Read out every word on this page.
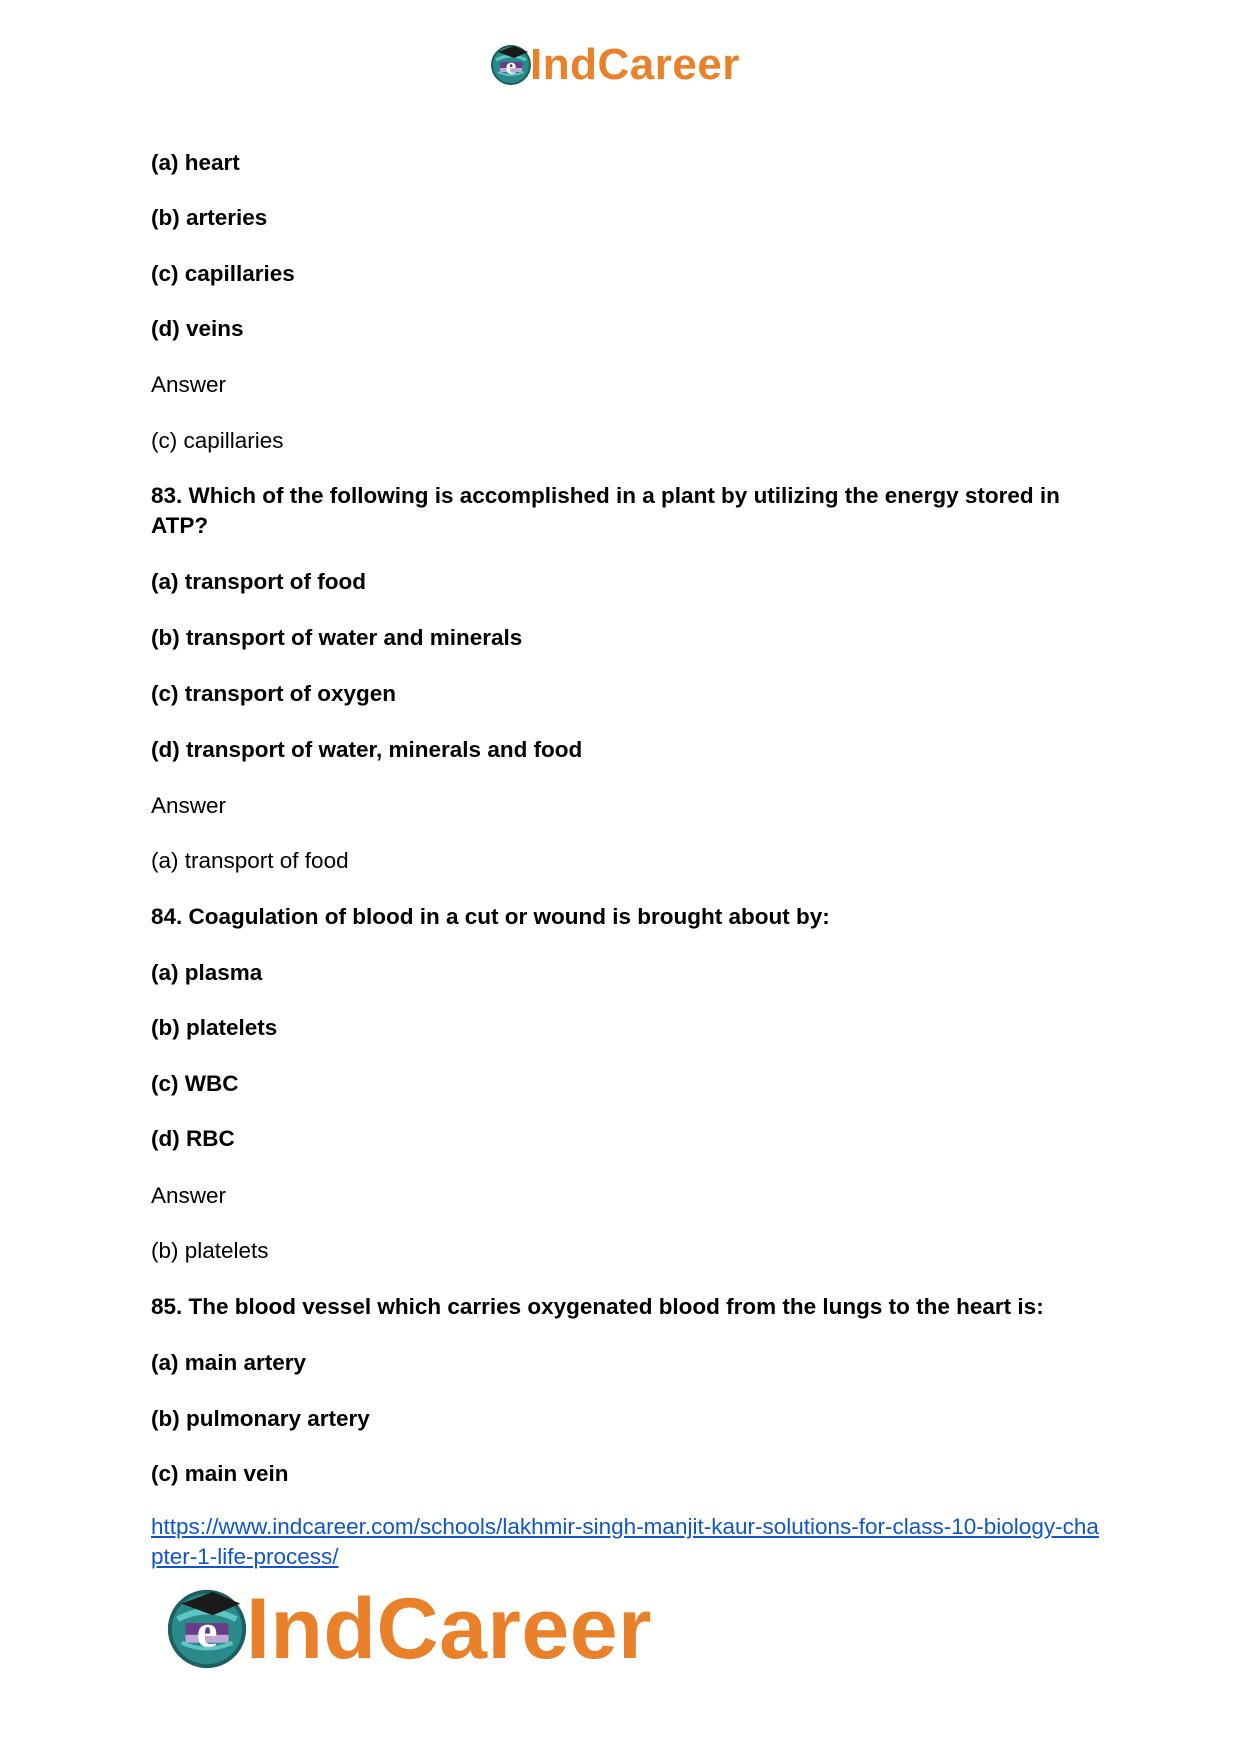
e IndCareer
(a) heart
(b) arteries
(c) capillaries
(d) veins
Answer
(c) capillaries
83. Which of the following is accomplished in a plant by utilizing the energy stored in
ATP?
(a) transport of food
(b) transport of water and minerals
(c) transport of oxygen
(d) transport of water, minerals and food
Answer
(a) transport of food
84. Coagulation of blood in a cut or wound is brought about by:
(a) plasma
(b) platelets
(c) WBC
(d) RBC
Answer
(b) platelets
85. The blood vessel which carries oxygenated blood from the lungs to the heart is:
(a) main artery
(b) pulmonary artery
(c) main vein
https://www.indcareer.com/schools/lakhmir-singh-manjit-kaur-solutions-for-class-10-biology-chapter-1-life-process/
e IndCareer
